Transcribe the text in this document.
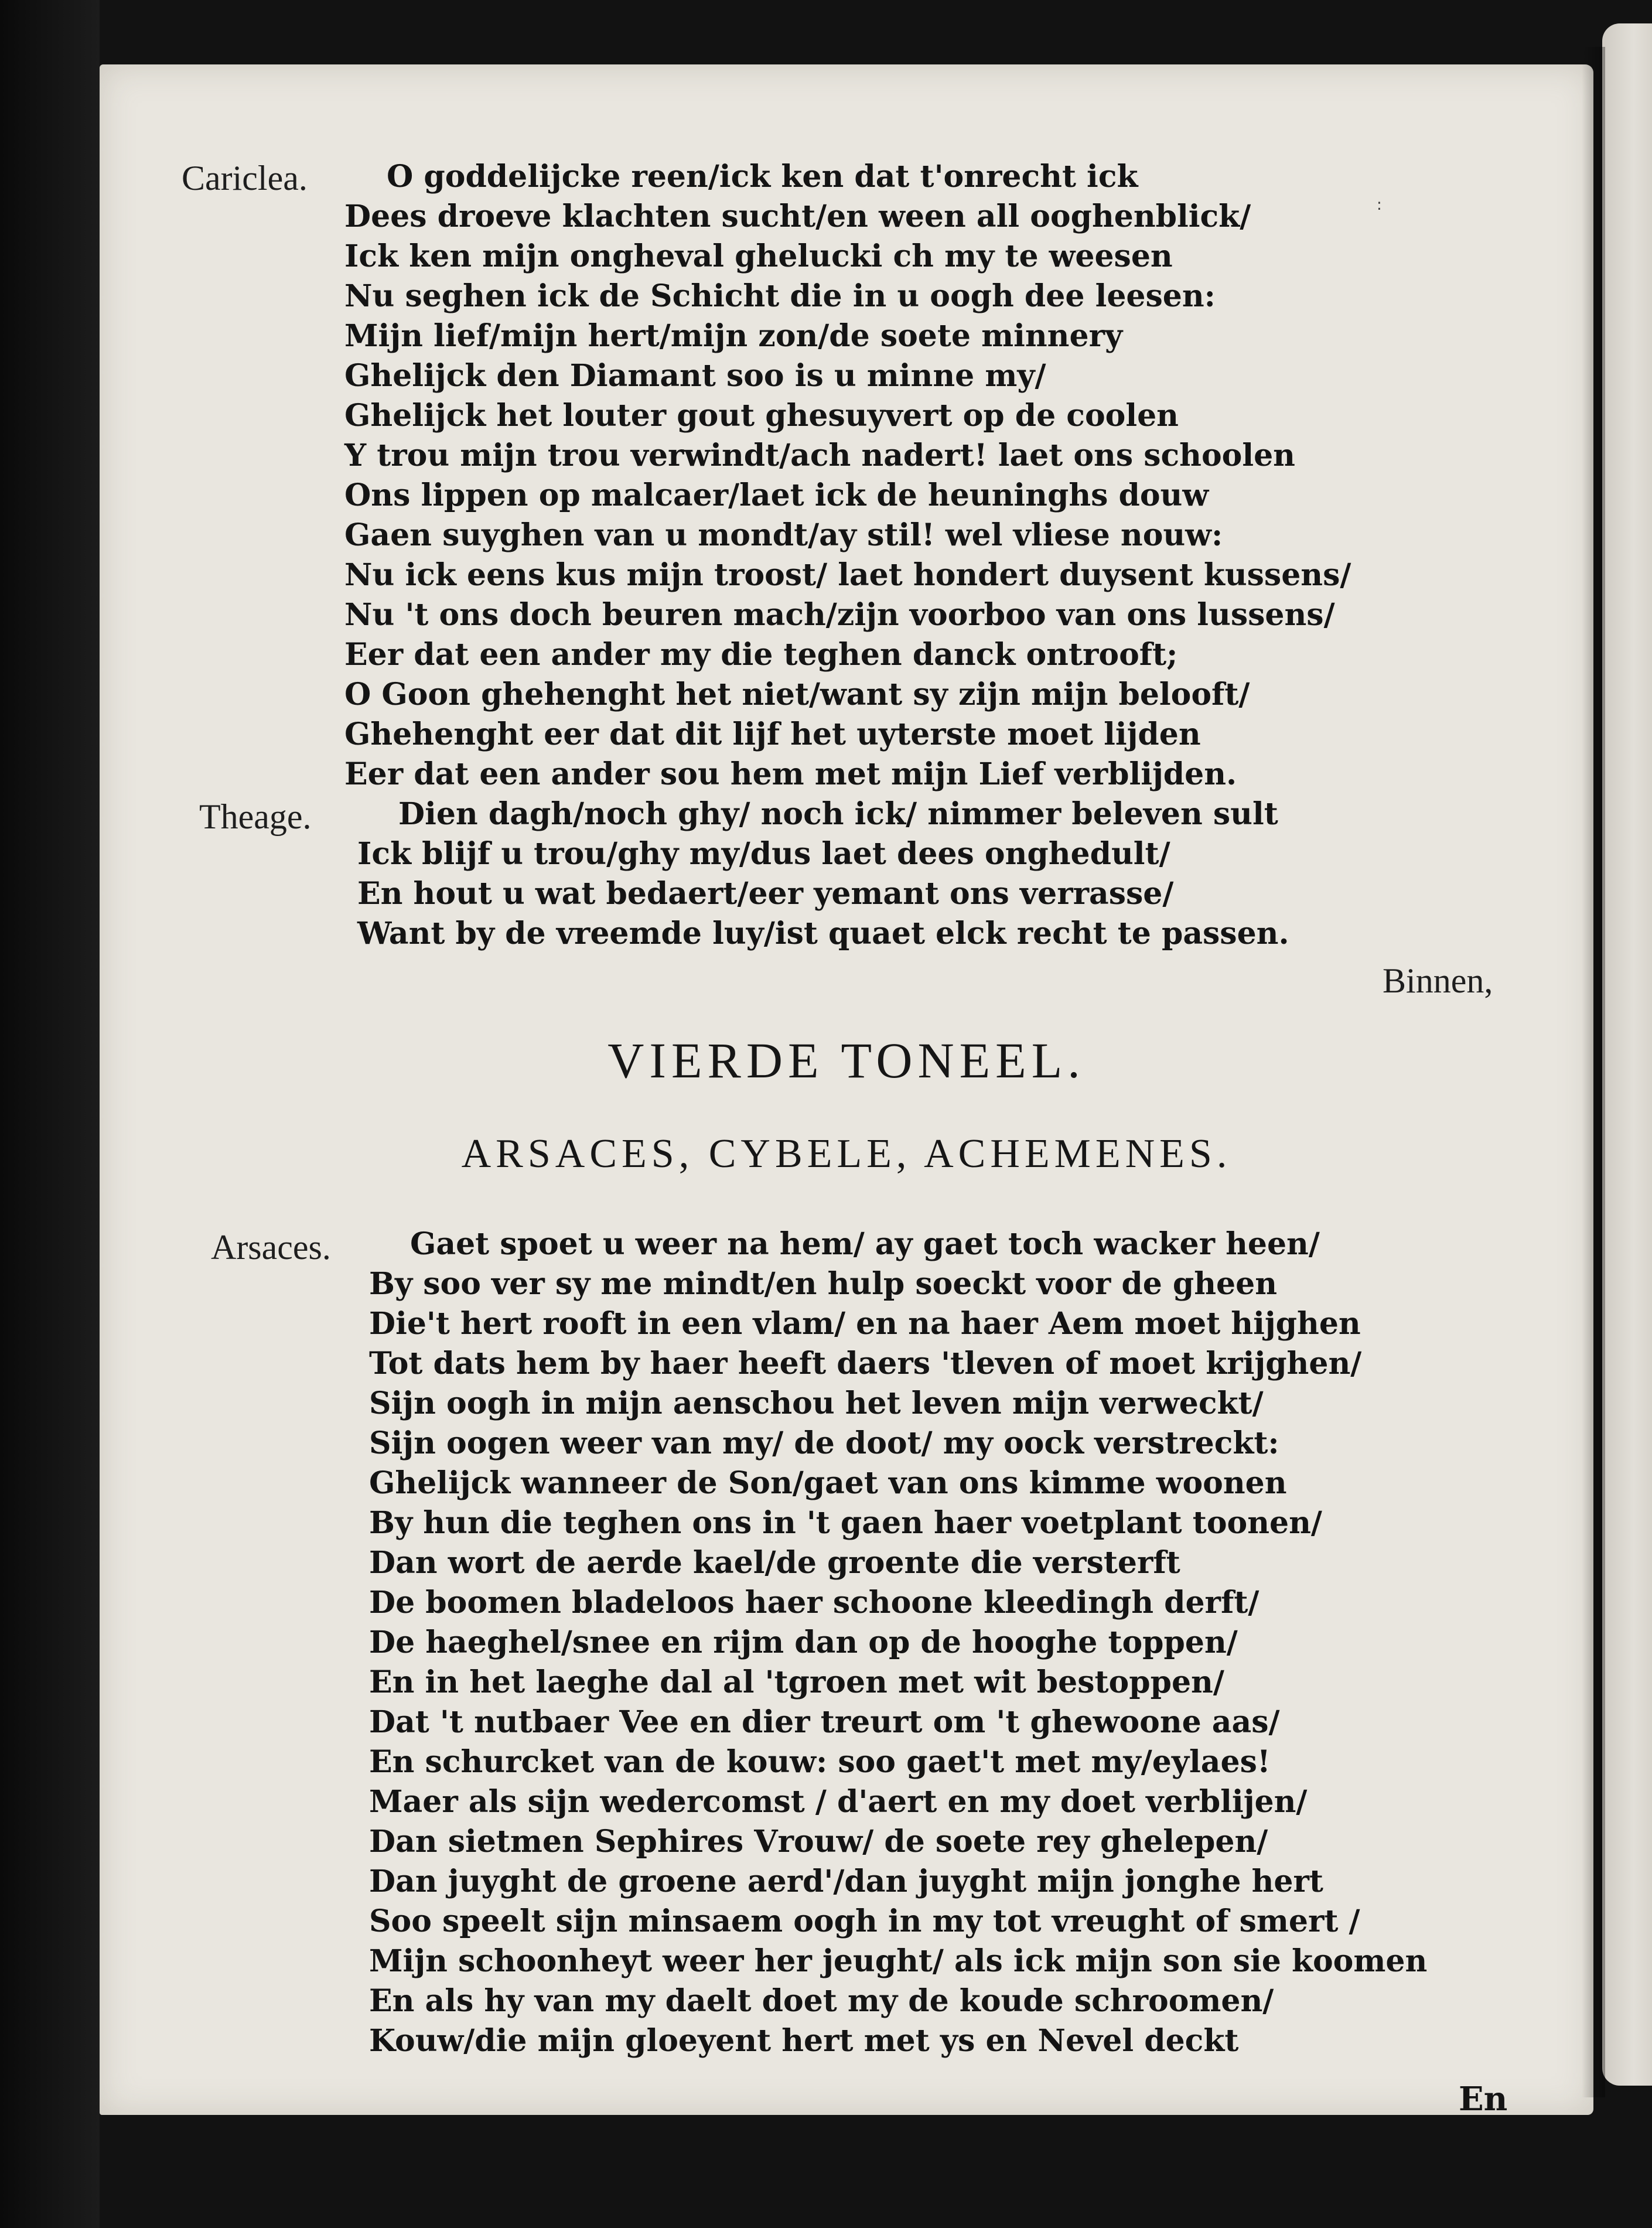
:
Cariclea.	O goddelijcke reen/ick ken dat t'onrecht ick
Dees droeve klachten sucht/en ween all ooghenblick/
Ick ken mijn ongheval ghelucki ch my te weesen
Nu seghen ick de Schicht die in u oogh dee leesen:
Mijn lief/mijn hert/mijn zon/de soete minnery
Ghelijck den Diamant soo is u minne my/
Ghelijck het louter gout ghesuyvert op de coolen
Y trou mijn trou verwindt/ach nadert! laet ons schoolen
Ons lippen op malcaer/laet ick de heuninghs douw
Gaen suyghen van u mondt/ay stil! wel vliese nouw:
Nu ick eens kus mijn troost/ laet hondert duysent kussens/
Nu 't ons doch beuren mach/zijn voorboo van ons lussens/
Eer dat een ander my die teghen danck ontrooft;
O Goon ghehenght het niet/want sy zijn mijn belooft/
Ghehenght eer dat dit lijf het uyterste moet lijden
Eer dat een ander sou hem met mijn Lief verblijden.
Theage.	Dien dagh/noch ghy/ noch ick/ nimmer beleven sult
Ick blijf u trou/ghy my/dus laet dees onghedult/
En hout u wat bedaert/eer yemant ons verrasse/
Want by de vreemde luy/ist quaet elck recht te passen.
Binnen,
VIERDE TONEEL.
ARSACES, CYBELE, ACHEMENES.
Arsaces.	Gaet spoet u weer na hem/ ay gaet toch wacker heen/
By soo ver sy me mindt/en hulp soeckt voor de gheen
Die't hert rooft in een vlam/ en na haer Aem moet hijghen
Tot dats hem by haer heeft daers 'tleven of moet krijghen/
Sijn oogh in mijn aenschou het leven mijn verweckt/
Sijn oogen weer van my/ de doot/ my oock verstreckt:
Ghelijck wanneer de Son/gaet van ons kimme woonen
By hun die teghen ons in 't gaen haer voetplant toonen/
Dan wort de aerde kael/de groente die versterft
De boomen bladeloos haer schoone kleedingh derft/
De haeghel/snee en rijm dan op de hooghe toppen/
En in het laeghe dal al 'tgroen met wit bestoppen/
Dat 't nutbaer Vee en dier treurt om 't ghewoone aas/
En schurcket van de kouw: soo gaet't met my/eylaes!
Maer als sijn wedercomst / d'aert en my doet verblijen/
Dan sietmen Sephires Vrouw/ de soete rey ghelepen/
Dan juyght de groene aerd'/dan juyght mijn jonghe hert
Soo speelt sijn minsaem oogh in my tot vreught of smert /
Mijn schoonheyt weer her jeught/ als ick mijn son sie koomen
En als hy van my daelt doet my de koude schroomen/
Kouw/die mijn gloeyent hert met ys en Nevel deckt
En
